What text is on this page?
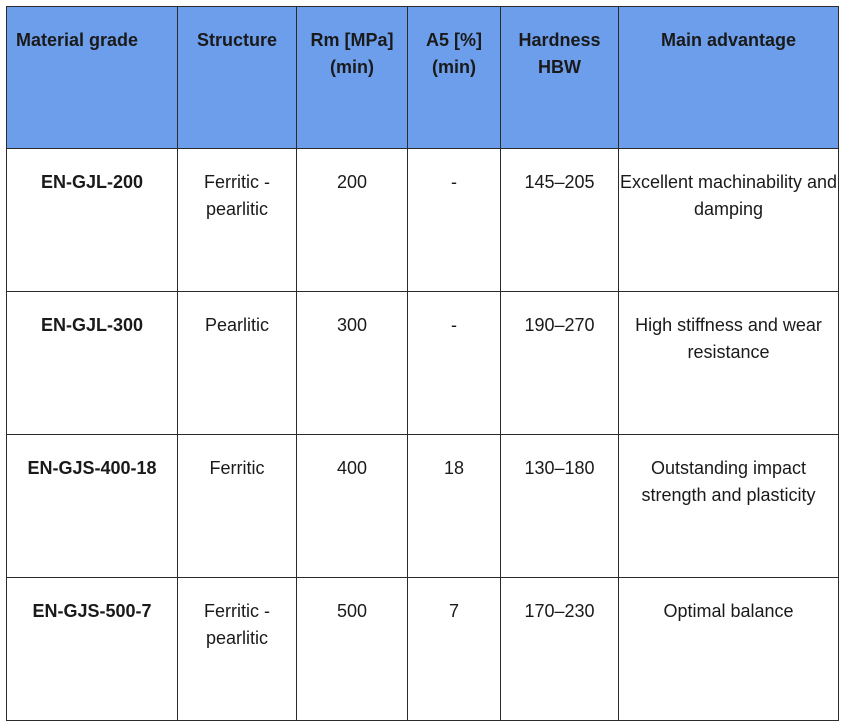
Material grade	Structure	Rm [MPa] (min)	A5 [%] (min)	Hardness HBW	Main advantage
EN-GJL-200	Ferritic - pearlitic	200	-	145–205	Excellent machinability and damping
EN-GJL-300	Pearlitic	300	-	190–270	High stiffness and wear resistance
EN-GJS-400-18	Ferritic	400	18	130–180	Outstanding impact strength and plasticity
EN-GJS-500-7	Ferritic - pearlitic	500	7	170–230	Optimal balance
